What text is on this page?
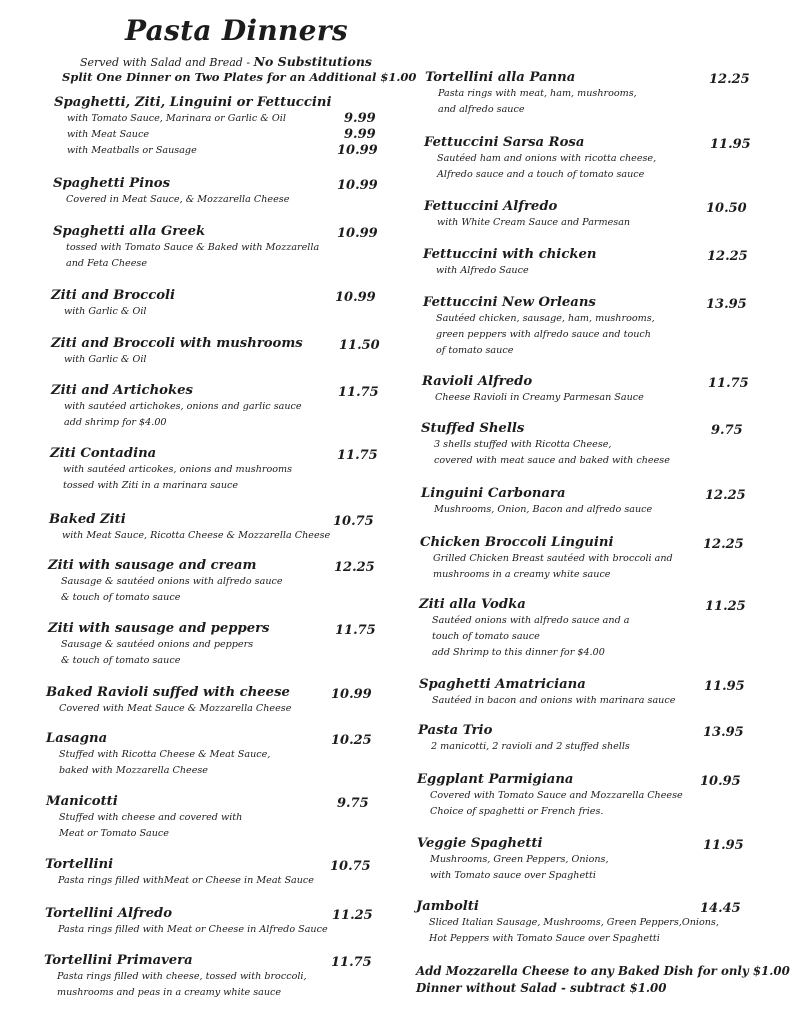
Pasta Dinners
Served with Salad and Bread - No Substitutions
Split One Dinner on Two Plates for an Additional $1.00
Spaghetti, Ziti, Linguini or Fettuccini
with Tomato Sauce, Marinara or Garlic & Oil	9.99
with Meat Sauce	9.99
with Meatballs or Sausage	10.99
Spaghetti Pinos
Covered in Meat Sauce, & Mozzarella Cheese
10.99
Spaghetti alla Greek
tossed with Tomato Sauce & Baked with Mozzarella
and Feta Cheese
10.99
Ziti and Broccoli
with Garlic & Oil
10.99
Ziti and Broccoli with mushrooms
with Garlic & Oil
11.50
Ziti and Artichokes
with sautéed artichokes, onions and garlic sauce
add shrimp for $4.00
11.75
Ziti Contadina
with sautéed articokes, onions and mushrooms
tossed with Ziti in a marinara sauce
11.75
Baked Ziti
with Meat Sauce, Ricotta Cheese & Mozzarella Cheese
10.75
Ziti with sausage and cream
Sausage & sautéed onions with alfredo sauce
& touch of tomato sauce
12.25
Ziti with sausage and peppers
Sausage & sautéed onions and peppers
& touch of tomato sauce
11.75
Baked Ravioli suffed with cheese
Covered with Meat Sauce & Mozzarella Cheese
10.99
Lasagna
Stuffed with Ricotta Cheese & Meat Sauce,
baked with Mozzarella Cheese
10.25
Manicotti
Stuffed with cheese and covered with
Meat or Tomato Sauce
9.75
Tortellini
Pasta rings filled withMeat or Cheese in Meat Sauce
10.75
Tortellini Alfredo
Pasta rings filled with Meat or Cheese in Alfredo Sauce
11.25
Tortellini Primavera
Pasta rings filled with cheese, tossed with broccoli,
mushrooms and peas in a creamy white sauce
11.75
Tortellini alla Panna
Pasta rings with meat, ham, mushrooms,
and alfredo sauce
12.25
Fettuccini Sarsa Rosa
Sautéed ham and onions with ricotta cheese,
Alfredo sauce and a touch of tomato sauce
11.95
Fettuccini Alfredo
with White Cream Sauce and Parmesan
10.50
Fettuccini with chicken
with Alfredo Sauce
12.25
Fettuccini New Orleans
Sautéed chicken, sausage, ham, mushrooms,
green peppers with alfredo sauce and touch
of tomato sauce
13.95
Ravioli Alfredo
Cheese Ravioli in Creamy Parmesan Sauce
11.75
Stuffed Shells
3 shells stuffed with Ricotta Cheese,
covered with meat sauce and baked with cheese
9.75
Linguini Carbonara
Mushrooms, Onion, Bacon and alfredo sauce
12.25
Chicken Broccoli Linguini
Grilled Chicken Breast sautéed with broccoli and
mushrooms in a creamy white sauce
12.25
Ziti alla Vodka
Sautéed onions with alfredo sauce and a
touch of tomato sauce
add Shrimp to this dinner for $4.00
11.25
Spaghetti Amatriciana
Sautéed in bacon and onions with marinara sauce
11.95
Pasta Trio
2 manicotti, 2 ravioli and 2 stuffed shells
13.95
Eggplant Parmigiana
Covered with Tomato Sauce and Mozzarella Cheese
Choice of spaghetti or French fries.
10.95
Veggie Spaghetti
Mushrooms, Green Peppers, Onions,
with Tomato sauce over Spaghetti
11.95
Jambolti
Sliced Italian Sausage, Mushrooms, Green Peppers,Onions,
Hot Peppers with Tomato Sauce over Spaghetti
14.45
Add Mozzarella Cheese to any Baked Dish for only $1.00
Dinner without Salad - subtract $1.00
